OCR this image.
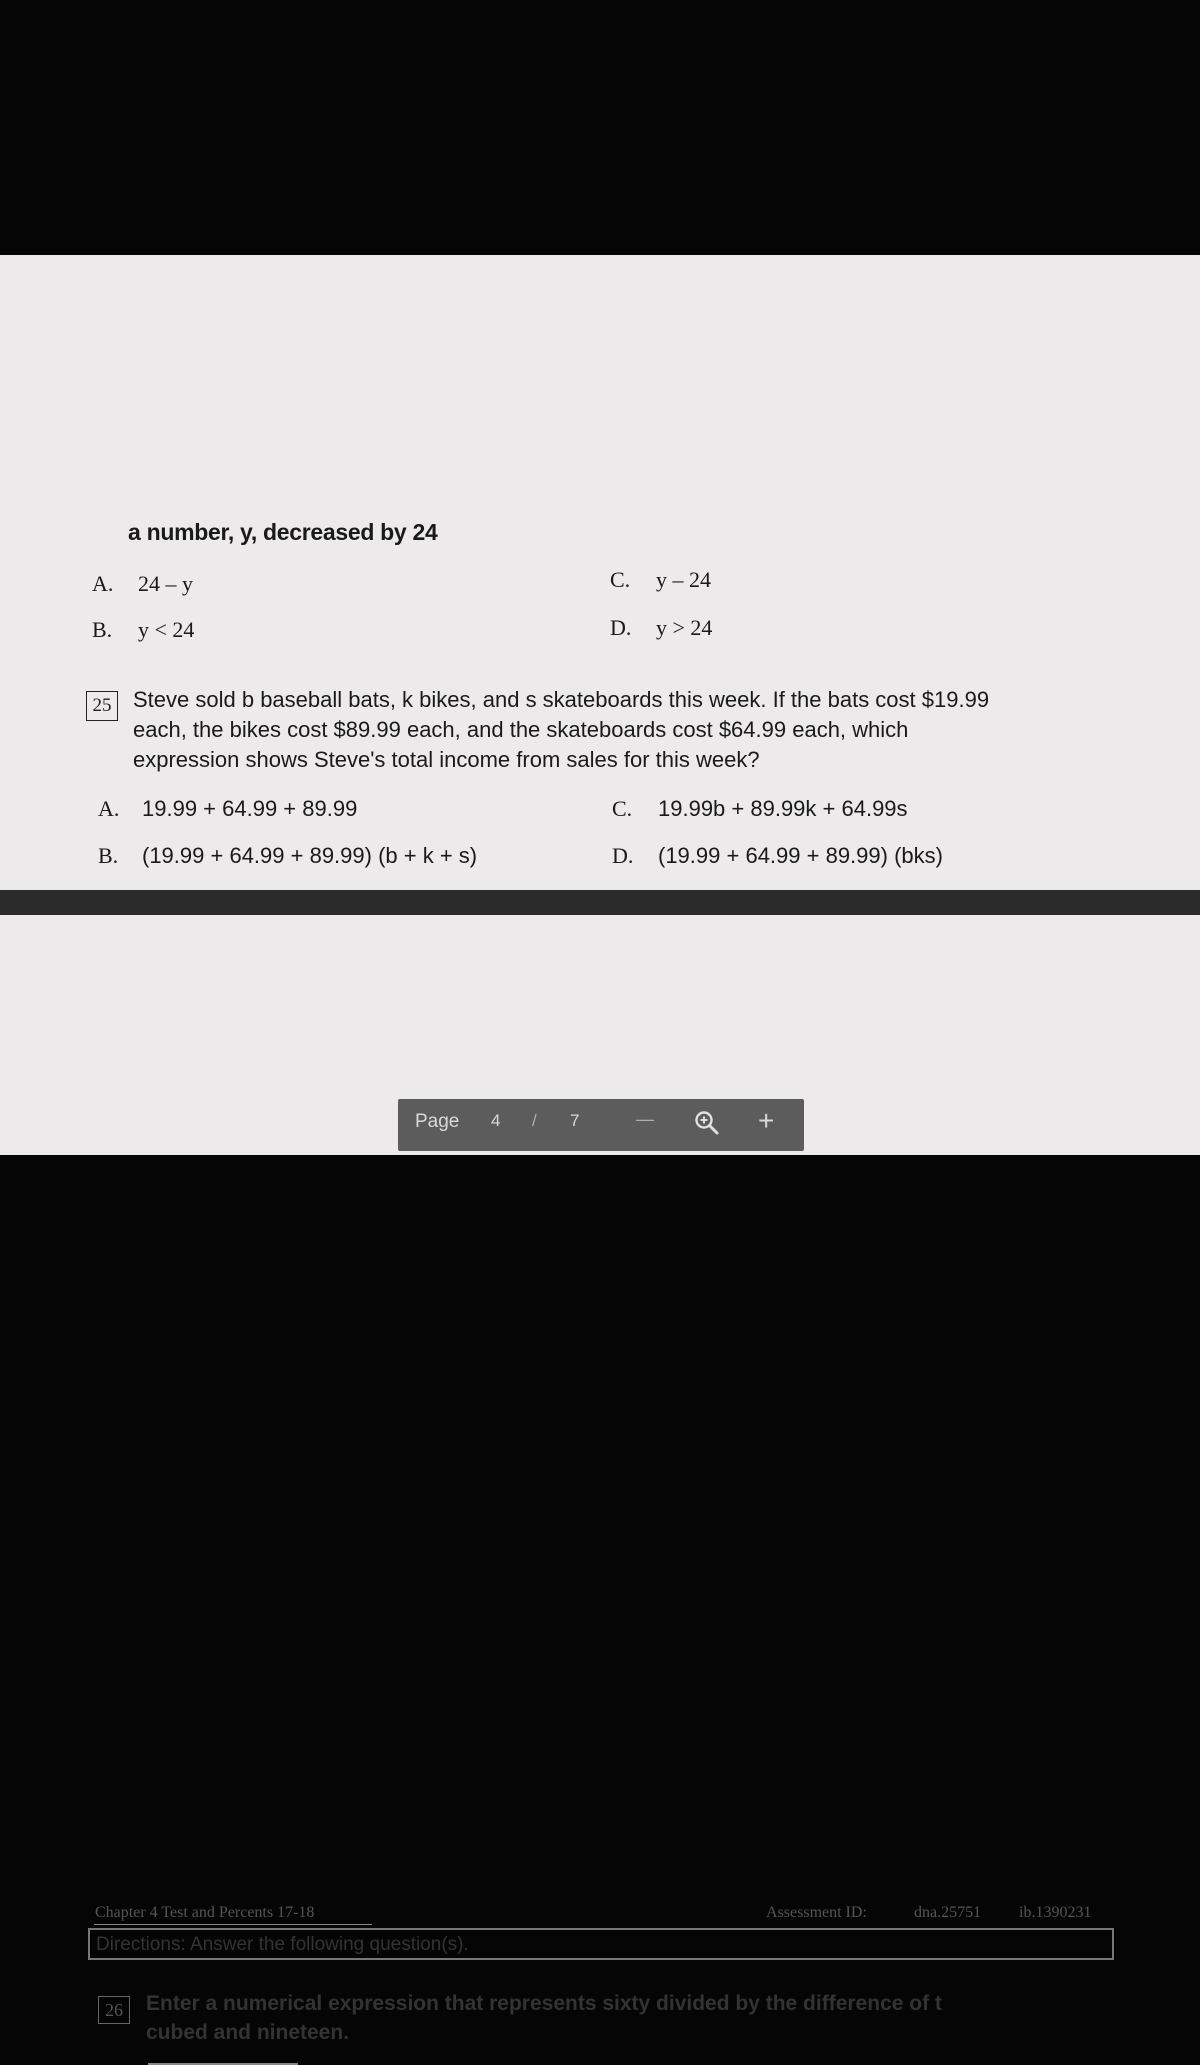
a number, y, decreased by 24
A. 24 – y
B. y < 24
C. y – 24
D. y > 24
25 Steve sold b baseball bats, k bikes, and s skateboards this week. If the bats cost $19.99
each, the bikes cost $89.99 each, and the skateboards cost $64.99 each, which
expression shows Steve's total income from sales for this week?
A. 19.99 + 64.99 + 89.99
B. (19.99 + 64.99 + 89.99) (b + k + s)
C. 19.99b + 89.99k + 64.99s
D. (19.99 + 64.99 + 89.99) (bks)
Chapter 4 Test and Percents 17-18	Assessment ID:	dna.25751 ib.1390231
Directions: Answer the following question(s).
26	Enter a numerical expression that represents sixty divided by the difference of t
cubed and nineteen.
Page 4 / 7	—	+
